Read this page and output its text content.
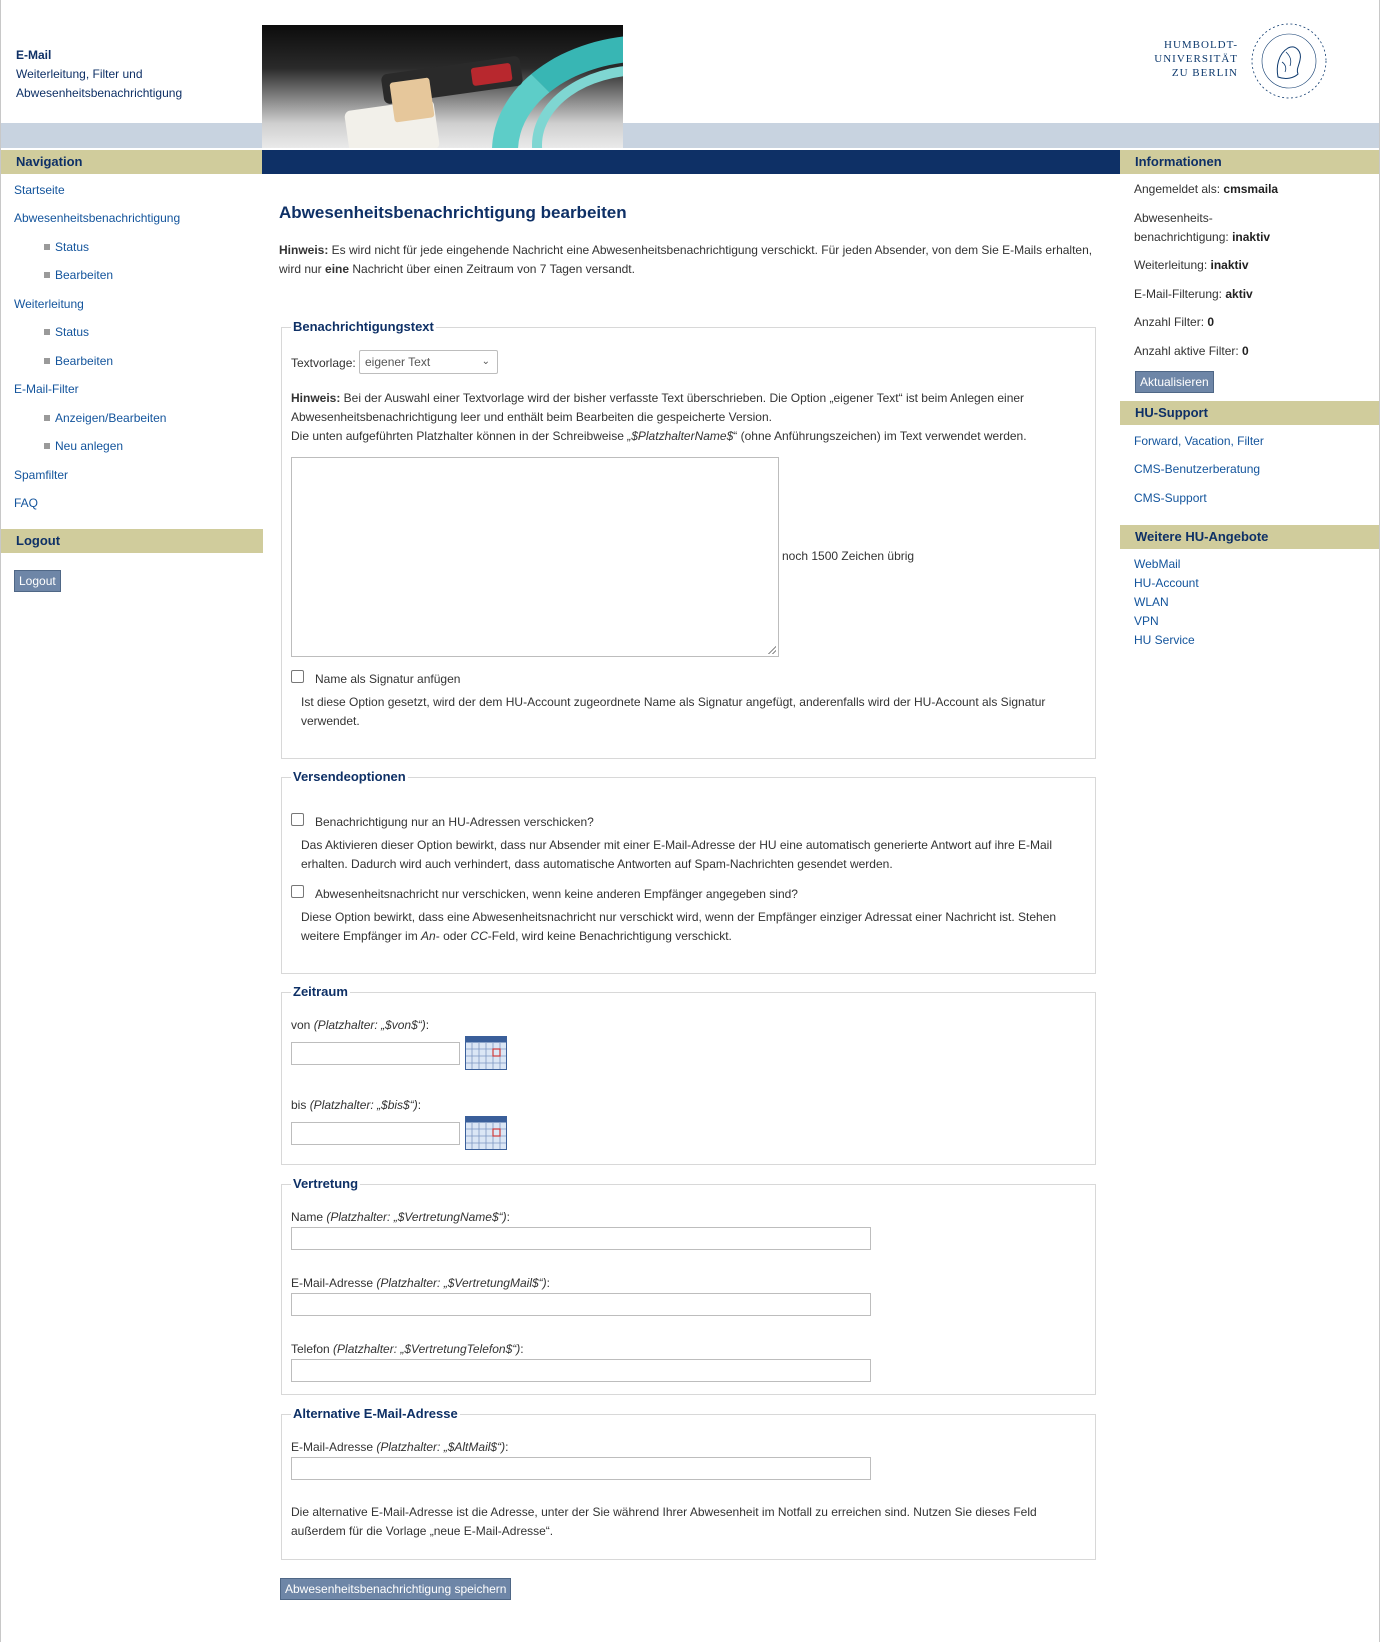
E-Mail
Weiterleitung, Filter und
Abwesenheitsbenachrichtigung
HUMBOLDT-
UNIVERSITÄT
ZU BERLIN
Navigation
Startseite
Abwesenheitsbenachrichtigung
Status
Bearbeiten
Weiterleitung
Status
Bearbeiten
E-Mail-Filter
Anzeigen/Bearbeiten
Neu anlegen
Spamfilter
FAQ
Logout
Logout
Informationen
Angemeldet als: cmsmaila
Abwesenheits-
benachrichtigung: inaktiv
Weiterleitung: inaktiv
E-Mail-Filterung: aktiv
Anzahl Filter: 0
Anzahl aktive Filter: 0
Aktualisieren
HU-Support
Forward, Vacation, Filter
CMS-Benutzerberatung
CMS-Support
Weitere HU-Angebote
WebMail
HU-Account
WLAN
VPN
HU Service
Abwesenheitsbenachrichtigung bearbeiten
Hinweis: Es wird nicht für jede eingehende Nachricht eine Abwesenheitsbenachrichtigung verschickt. Für jeden Absender, von dem Sie E-Mails erhalten,
wird nur eine Nachricht über einen Zeitraum von 7 Tagen versandt.
Benachrichtigungstext
Textvorlage: eigener Text	⌄
Hinweis: Bei der Auswahl einer Textvorlage wird der bisher verfasste Text überschrieben. Die Option „eigener Text“ ist beim Anlegen einer
Abwesenheitsbenachrichtigung leer und enthält beim Bearbeiten die gespeicherte Version.
Die unten aufgeführten Platzhalter können in der Schreibweise „$PlatzhalterName$“ (ohne Anführungszeichen) im Text verwendet werden.
noch 1500 Zeichen übrig
Name als Signatur anfügen
Ist diese Option gesetzt, wird der dem HU-Account zugeordnete Name als Signatur angefügt, anderenfalls wird der HU-Account als Signatur
verwendet.
Versendeoptionen
Benachrichtigung nur an HU-Adressen verschicken?
Das Aktivieren dieser Option bewirkt, dass nur Absender mit einer E-Mail-Adresse der HU eine automatisch generierte Antwort auf ihre E-Mail
erhalten. Dadurch wird auch verhindert, dass automatische Antworten auf Spam-Nachrichten gesendet werden.
Abwesenheitsnachricht nur verschicken, wenn keine anderen Empfänger angegeben sind?
Diese Option bewirkt, dass eine Abwesenheitsnachricht nur verschickt wird, wenn der Empfänger einziger Adressat einer Nachricht ist. Stehen
weitere Empfänger im An- oder CC-Feld, wird keine Benachrichtigung verschickt.
Zeitraum
von (Platzhalter: „$von$“):
bis (Platzhalter: „$bis$“):
Vertretung
Name (Platzhalter: „$VertretungName$“):
E-Mail-Adresse (Platzhalter: „$VertretungMail$“):
Telefon (Platzhalter: „$VertretungTelefon$“):
Alternative E-Mail-Adresse
E-Mail-Adresse (Platzhalter: „$AltMail$“):
Die alternative E-Mail-Adresse ist die Adresse, unter der Sie während Ihrer Abwesenheit im Notfall zu erreichen sind. Nutzen Sie dieses Feld
außerdem für die Vorlage „neue E-Mail-Adresse“.
Abwesenheitsbenachrichtigung speichern
